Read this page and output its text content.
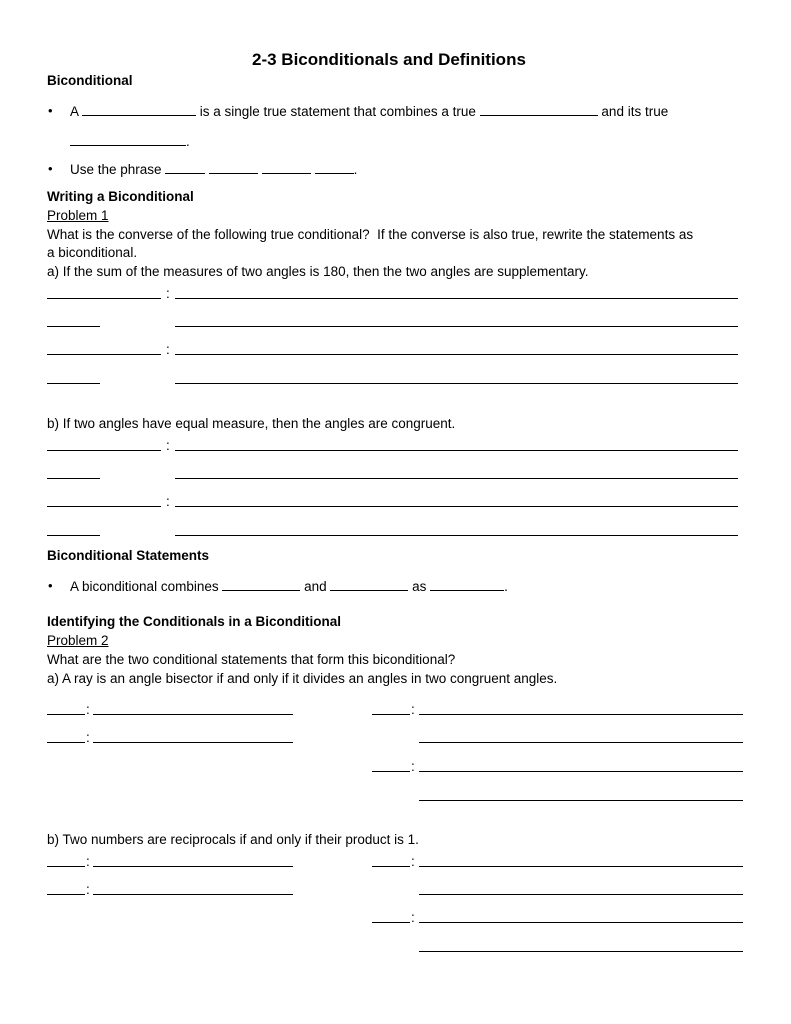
2-3 Biconditionals and Definitions
Biconditional
• A	is a single true statement that combines a true	and its true
.
• Use the phrase	.
Writing a Biconditional
Problem 1
What is the converse of the following true conditional?  If the converse is also true, rewrite the statements as
a biconditional.
a) If the sum of the measures of two angles is 180, then the two angles are supplementary.
:
:
b) If two angles have equal measure, then the angles are congruent.
:
:
Biconditional Statements
• A biconditional combines	and	as	.
Identifying the Conditionals in a Biconditional
Problem 2
What are the two conditional statements that form this biconditional?
a) A ray is an angle bisector if and only if it divides an angles in two congruent angles.
:
:
:
:
b) Two numbers are reciprocals if and only if their product is 1.
:
:
:
:
